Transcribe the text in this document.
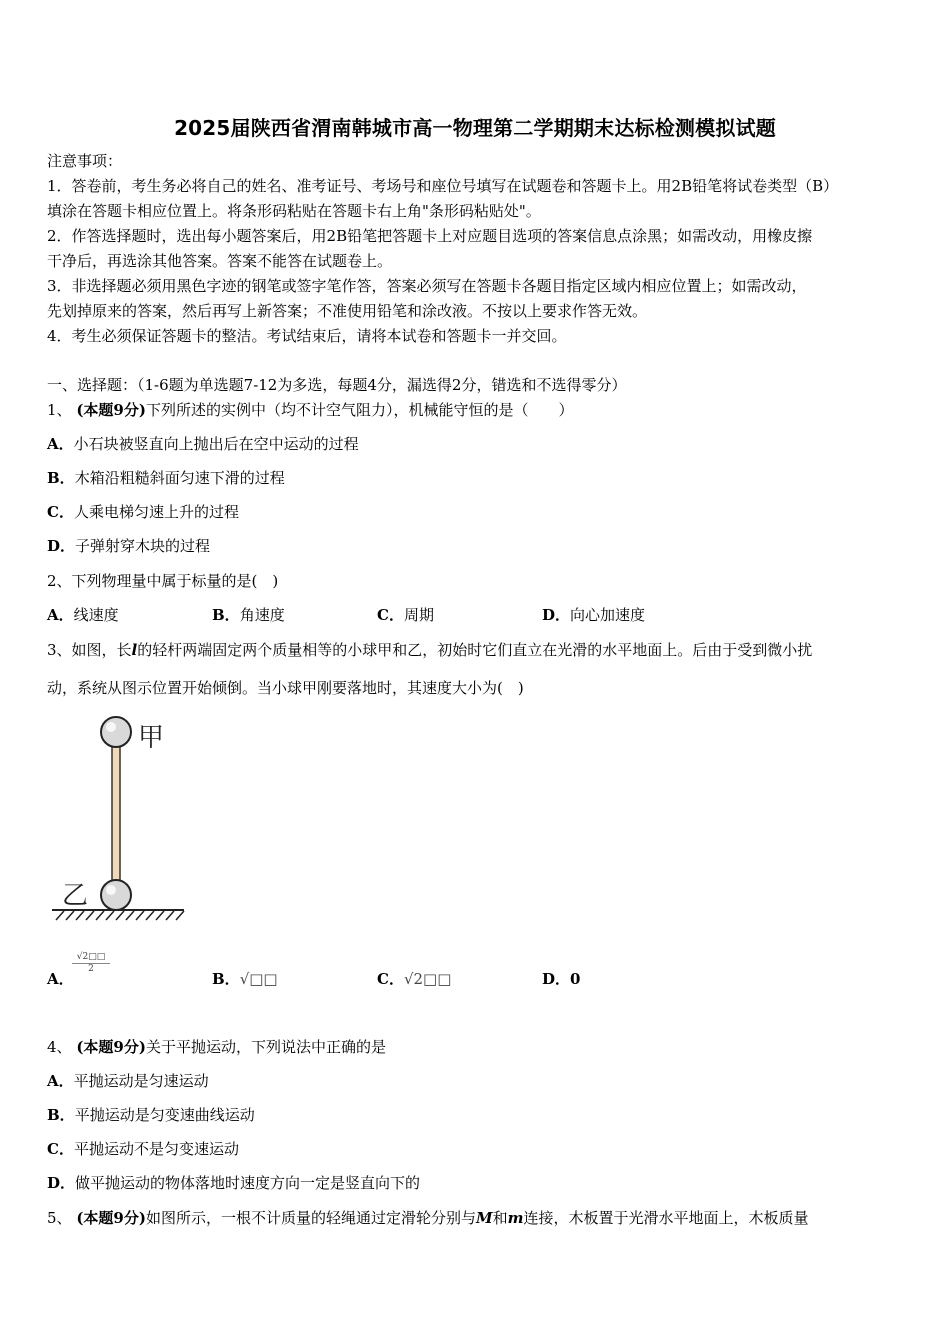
2025届陕西省渭南韩城市高一物理第二学期期末达标检测模拟试题
注意事项：
1．答卷前，考生务必将自己的姓名、准考证号、考场号和座位号填写在试题卷和答题卡上。用2B铅笔将试卷类型（B）
填涂在答题卡相应位置上。将条形码粘贴在答题卡右上角"条形码粘贴处"。
2．作答选择题时，选出每小题答案后，用2B铅笔把答题卡上对应题目选项的答案信息点涂黑；如需改动，用橡皮擦
干净后，再选涂其他答案。答案不能答在试题卷上。
3．非选择题必须用黑色字迹的钢笔或签字笔作答，答案必须写在答题卡各题目指定区域内相应位置上；如需改动，
先划掉原来的答案，然后再写上新答案；不准使用铅笔和涂改液。不按以上要求作答无效。
4．考生必须保证答题卡的整洁。考试结束后，请将本试卷和答题卡一并交回。
一、选择题：（1-6题为单选题7-12为多选，每题4分，漏选得2分，错选和不选得零分）
1、 (本题9分)下列所述的实例中（均不计空气阻力），机械能守恒的是（　　）
A．小石块被竖直向上抛出后在空中运动的过程
B．木箱沿粗糙斜面匀速下滑的过程
C．人乘电梯匀速上升的过程
D．子弹射穿木块的过程
2、下列物理量中属于标量的是(　)
A．线速度	B．角速度	C．周期	D．向心加速度
3、如图，长l的轻杆两端固定两个质量相等的小球甲和乙，初始时它们直立在光滑的水平地面上。后由于受到微小扰
动，系统从图示位置开始倾倒。当小球甲刚要落地时，其速度大小为(　)
甲
乙
A．
$\frac{√2□□}{2}$
B．√□□	C．√2□□	D．0
4、 (本题9分)关于平抛运动，下列说法中正确的是
A．平抛运动是匀速运动
B．平抛运动是匀变速曲线运动
C．平抛运动不是匀变速运动
D．做平抛运动的物体落地时速度方向一定是竖直向下的
5、 (本题9分)如图所示，一根不计质量的轻绳通过定滑轮分别与M和m连接，木板置于光滑水平地面上，木板质量
